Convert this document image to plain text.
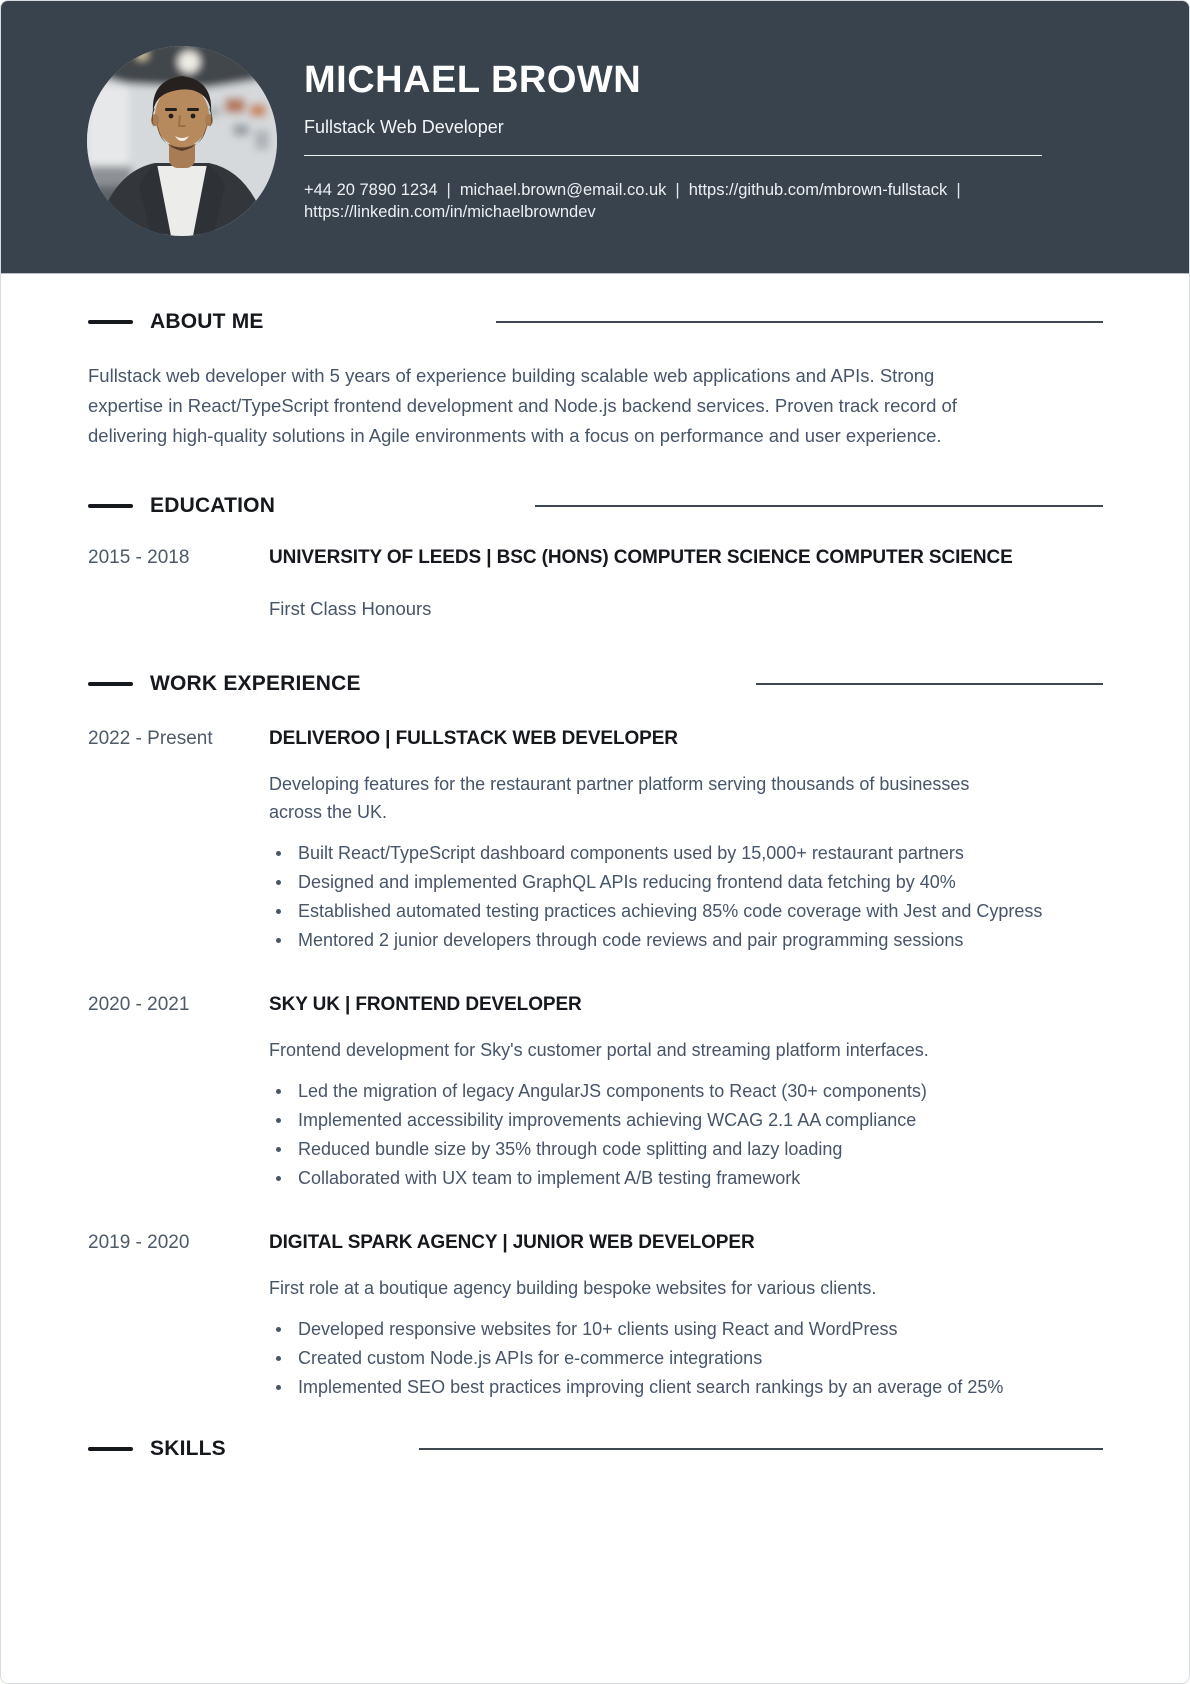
MICHAEL BROWN
Fullstack Web Developer
+44 20 7890 1234 | michael.brown@email.co.uk | https://github.com/mbrown-fullstack |
https://linkedin.com/in/michaelbrowndev
ABOUT ME
Fullstack web developer with 5 years of experience building scalable web applications and APIs. Strong
expertise in React/TypeScript frontend development and Node.js backend services. Proven track record of
delivering high-quality solutions in Agile environments with a focus on performance and user experience.
EDUCATION
2015 - 2018	UNIVERSITY OF LEEDS | BSC (HONS) COMPUTER SCIENCE COMPUTER SCIENCE
First Class Honours
WORK EXPERIENCE
2022 - Present	DELIVEROO | FULLSTACK WEB DEVELOPER
Developing features for the restaurant partner platform serving thousands of businesses
across the UK.
Built React/TypeScript dashboard components used by 15,000+ restaurant partners
Designed and implemented GraphQL APIs reducing frontend data fetching by 40%
Established automated testing practices achieving 85% code coverage with Jest and Cypress
Mentored 2 junior developers through code reviews and pair programming sessions
2020 - 2021	SKY UK | FRONTEND DEVELOPER
Frontend development for Sky's customer portal and streaming platform interfaces.
Led the migration of legacy AngularJS components to React (30+ components)
Implemented accessibility improvements achieving WCAG 2.1 AA compliance
Reduced bundle size by 35% through code splitting and lazy loading
Collaborated with UX team to implement A/B testing framework
2019 - 2020	DIGITAL SPARK AGENCY | JUNIOR WEB DEVELOPER
First role at a boutique agency building bespoke websites for various clients.
Developed responsive websites for 10+ clients using React and WordPress
Created custom Node.js APIs for e-commerce integrations
Implemented SEO best practices improving client search rankings by an average of 25%
SKILLS
